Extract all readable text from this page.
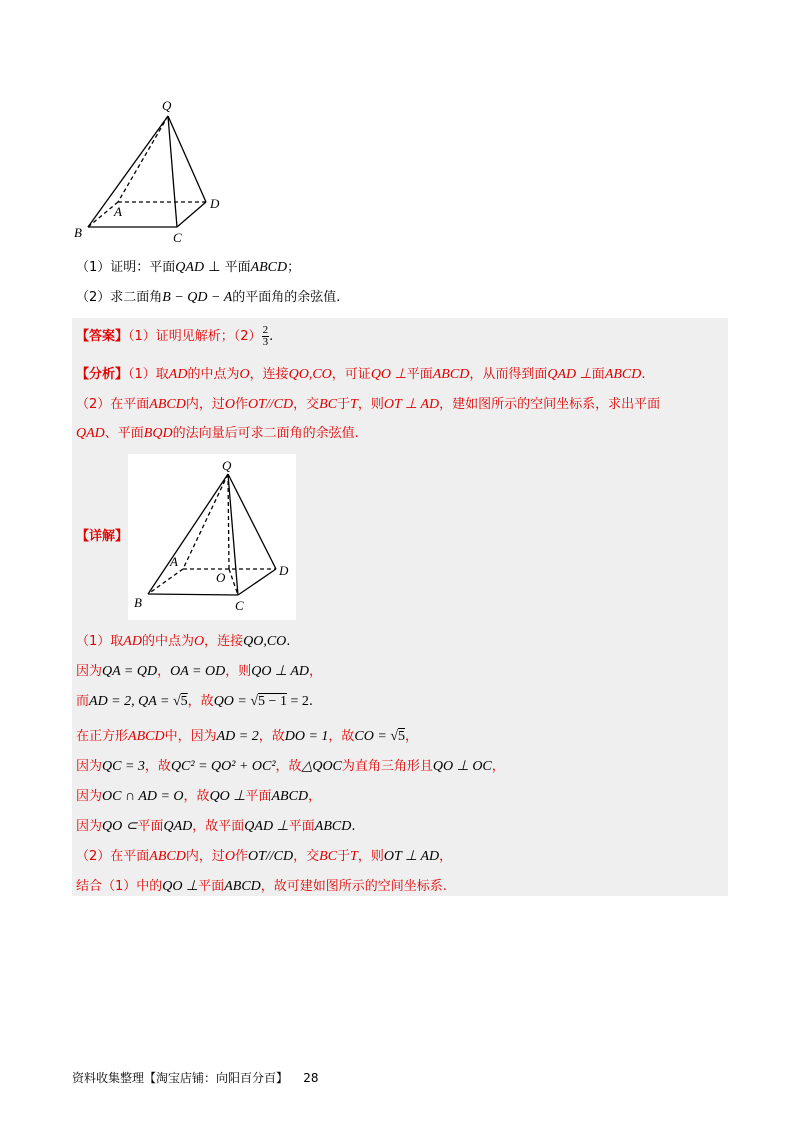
Q
A
B	C
D
（1）证明：平面QAD ⊥ 平面ABCD；
（2）求二面角B − QD − A的平面角的余弦值.
【答案】（1）证明见解析；$(2) \frac{2}{3}$ .
【分析】（1）取AD的中点为O，连接QO,CO，可证QO ⊥平面ABCD，从而得到面QAD ⊥面ABCD.
（2）在平面ABCD内，过O作OT//CD，交BC于T，则OT ⊥ AD，建如图所示的空间坐标系，求出平面
QAD、平面BQD的法向量后可求二面角的余弦值.
【详解】
Q
A
O
B	C
D
（1）取AD的中点为O，连接QO,CO.
因为QA = QD，OA = OD，则QO ⊥ AD，
而AD = 2, QA = √5，故QO = √5 − 1 = 2.
在正方形ABCD中，因为AD = 2，故DO = 1，故CO = √5，
因为QC = 3，故QC² = QO² + OC²，故△QOC为直角三角形且QO ⊥ OC，
因为OC ∩ AD = O，故QO ⊥平面ABCD，
因为QO ⊂平面QAD，故平面QAD ⊥平面ABCD.
（2）在平面ABCD内，过O作OT//CD，交BC于T，则OT ⊥ AD，
结合（1）中的QO ⊥平面ABCD，故可建如图所示的空间坐标系.
资料收集整理【淘宝店铺：向阳百分百】 28
